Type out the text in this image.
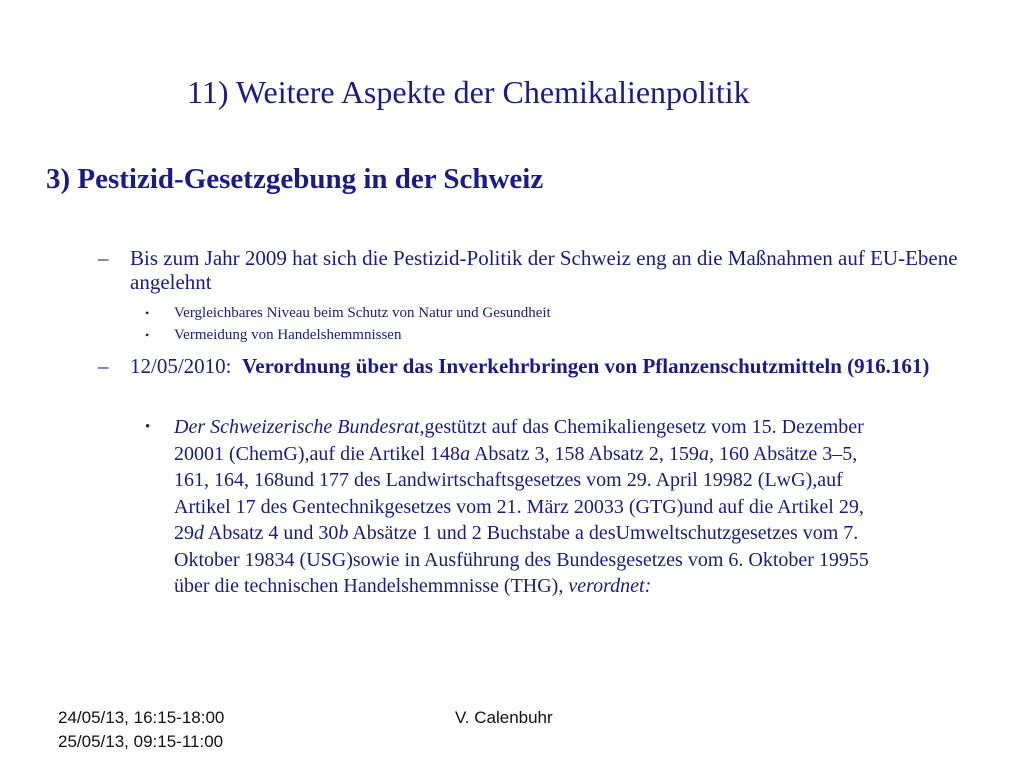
11) Weitere Aspekte der Chemikalienpolitik
3) Pestizid-Gesetzgebung in der Schweiz
– Bis zum Jahr 2009 hat sich die Pestizid-Politik der Schweiz eng an die Maßnahmen auf EU-Ebene angelehnt
• Vergleichbares Niveau beim Schutz von Natur und Gesundheit
• Vermeidung von Handelshemmnissen
– 12/05/2010: Verordnung über das Inverkehrbringen von Pflanzenschutzmitteln (916.161)
• Der Schweizerische Bundesrat,gestützt auf das Chemikaliengesetz vom 15. Dezember
20001 (ChemG),auf die Artikel 148a Absatz 3, 158 Absatz 2, 159a, 160 Absätze 3–5,
161, 164, 168und 177 des Landwirtschaftsgesetzes vom 29. April 19982 (LwG),auf
Artikel 17 des Gentechnikgesetzes vom 21. März 20033 (GTG)und auf die Artikel 29,
29d Absatz 4 und 30b Absätze 1 und 2 Buchstabe a desUmweltschutzgesetzes vom 7.
Oktober 19834 (USG)sowie in Ausführung des Bundesgesetzes vom 6. Oktober 19955
über die technischen Handelshemmnisse (THG), verordnet:
24/05/13, 16:15-18:00
25/05/13, 09:15-11:00
V. Calenbuhr
